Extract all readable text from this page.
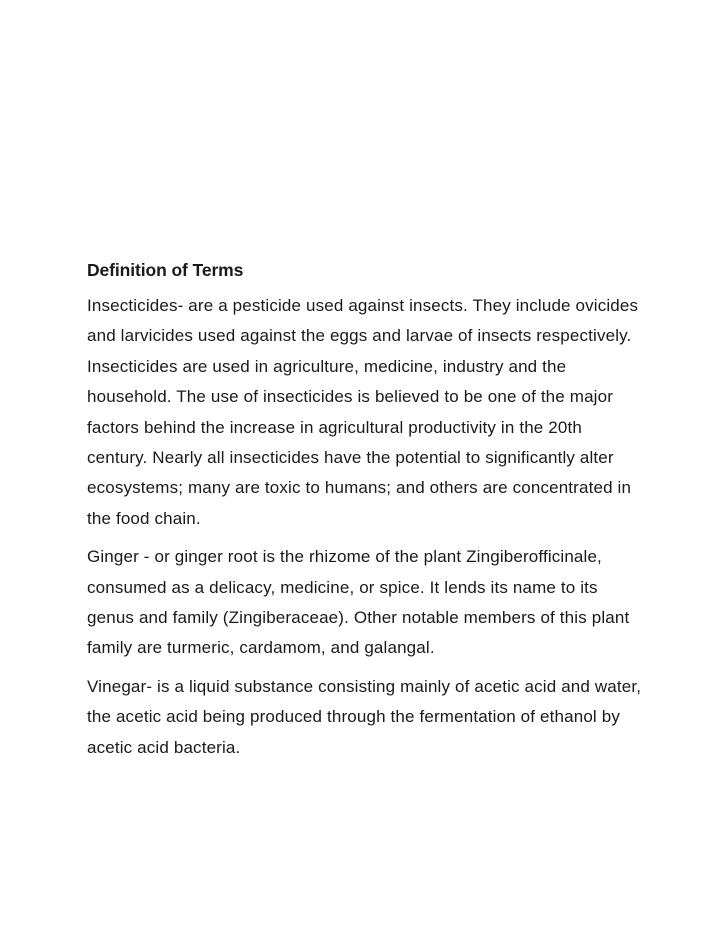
Definition of Terms

Insecticides- are a pesticide used against insects. They include ovicides and larvicides used against the eggs and larvae of insects respectively. Insecticides are used in agriculture, medicine, industry and the household. The use of insecticides is believed to be one of the major factors behind the increase in agricultural productivity in the 20th century. Nearly all insecticides have the potential to significantly alter ecosystems; many are toxic to humans; and others are concentrated in the food chain.

Ginger - or ginger root is the rhizome of the plant Zingiberofficinale, consumed as a delicacy, medicine, or spice. It lends its name to its genus and family (Zingiberaceae). Other notable members of this plant family are turmeric, cardamom, and galangal.

Vinegar- is a liquid substance consisting mainly of acetic acid and water, the acetic acid being produced through the fermentation of ethanol by acetic acid bacteria.
